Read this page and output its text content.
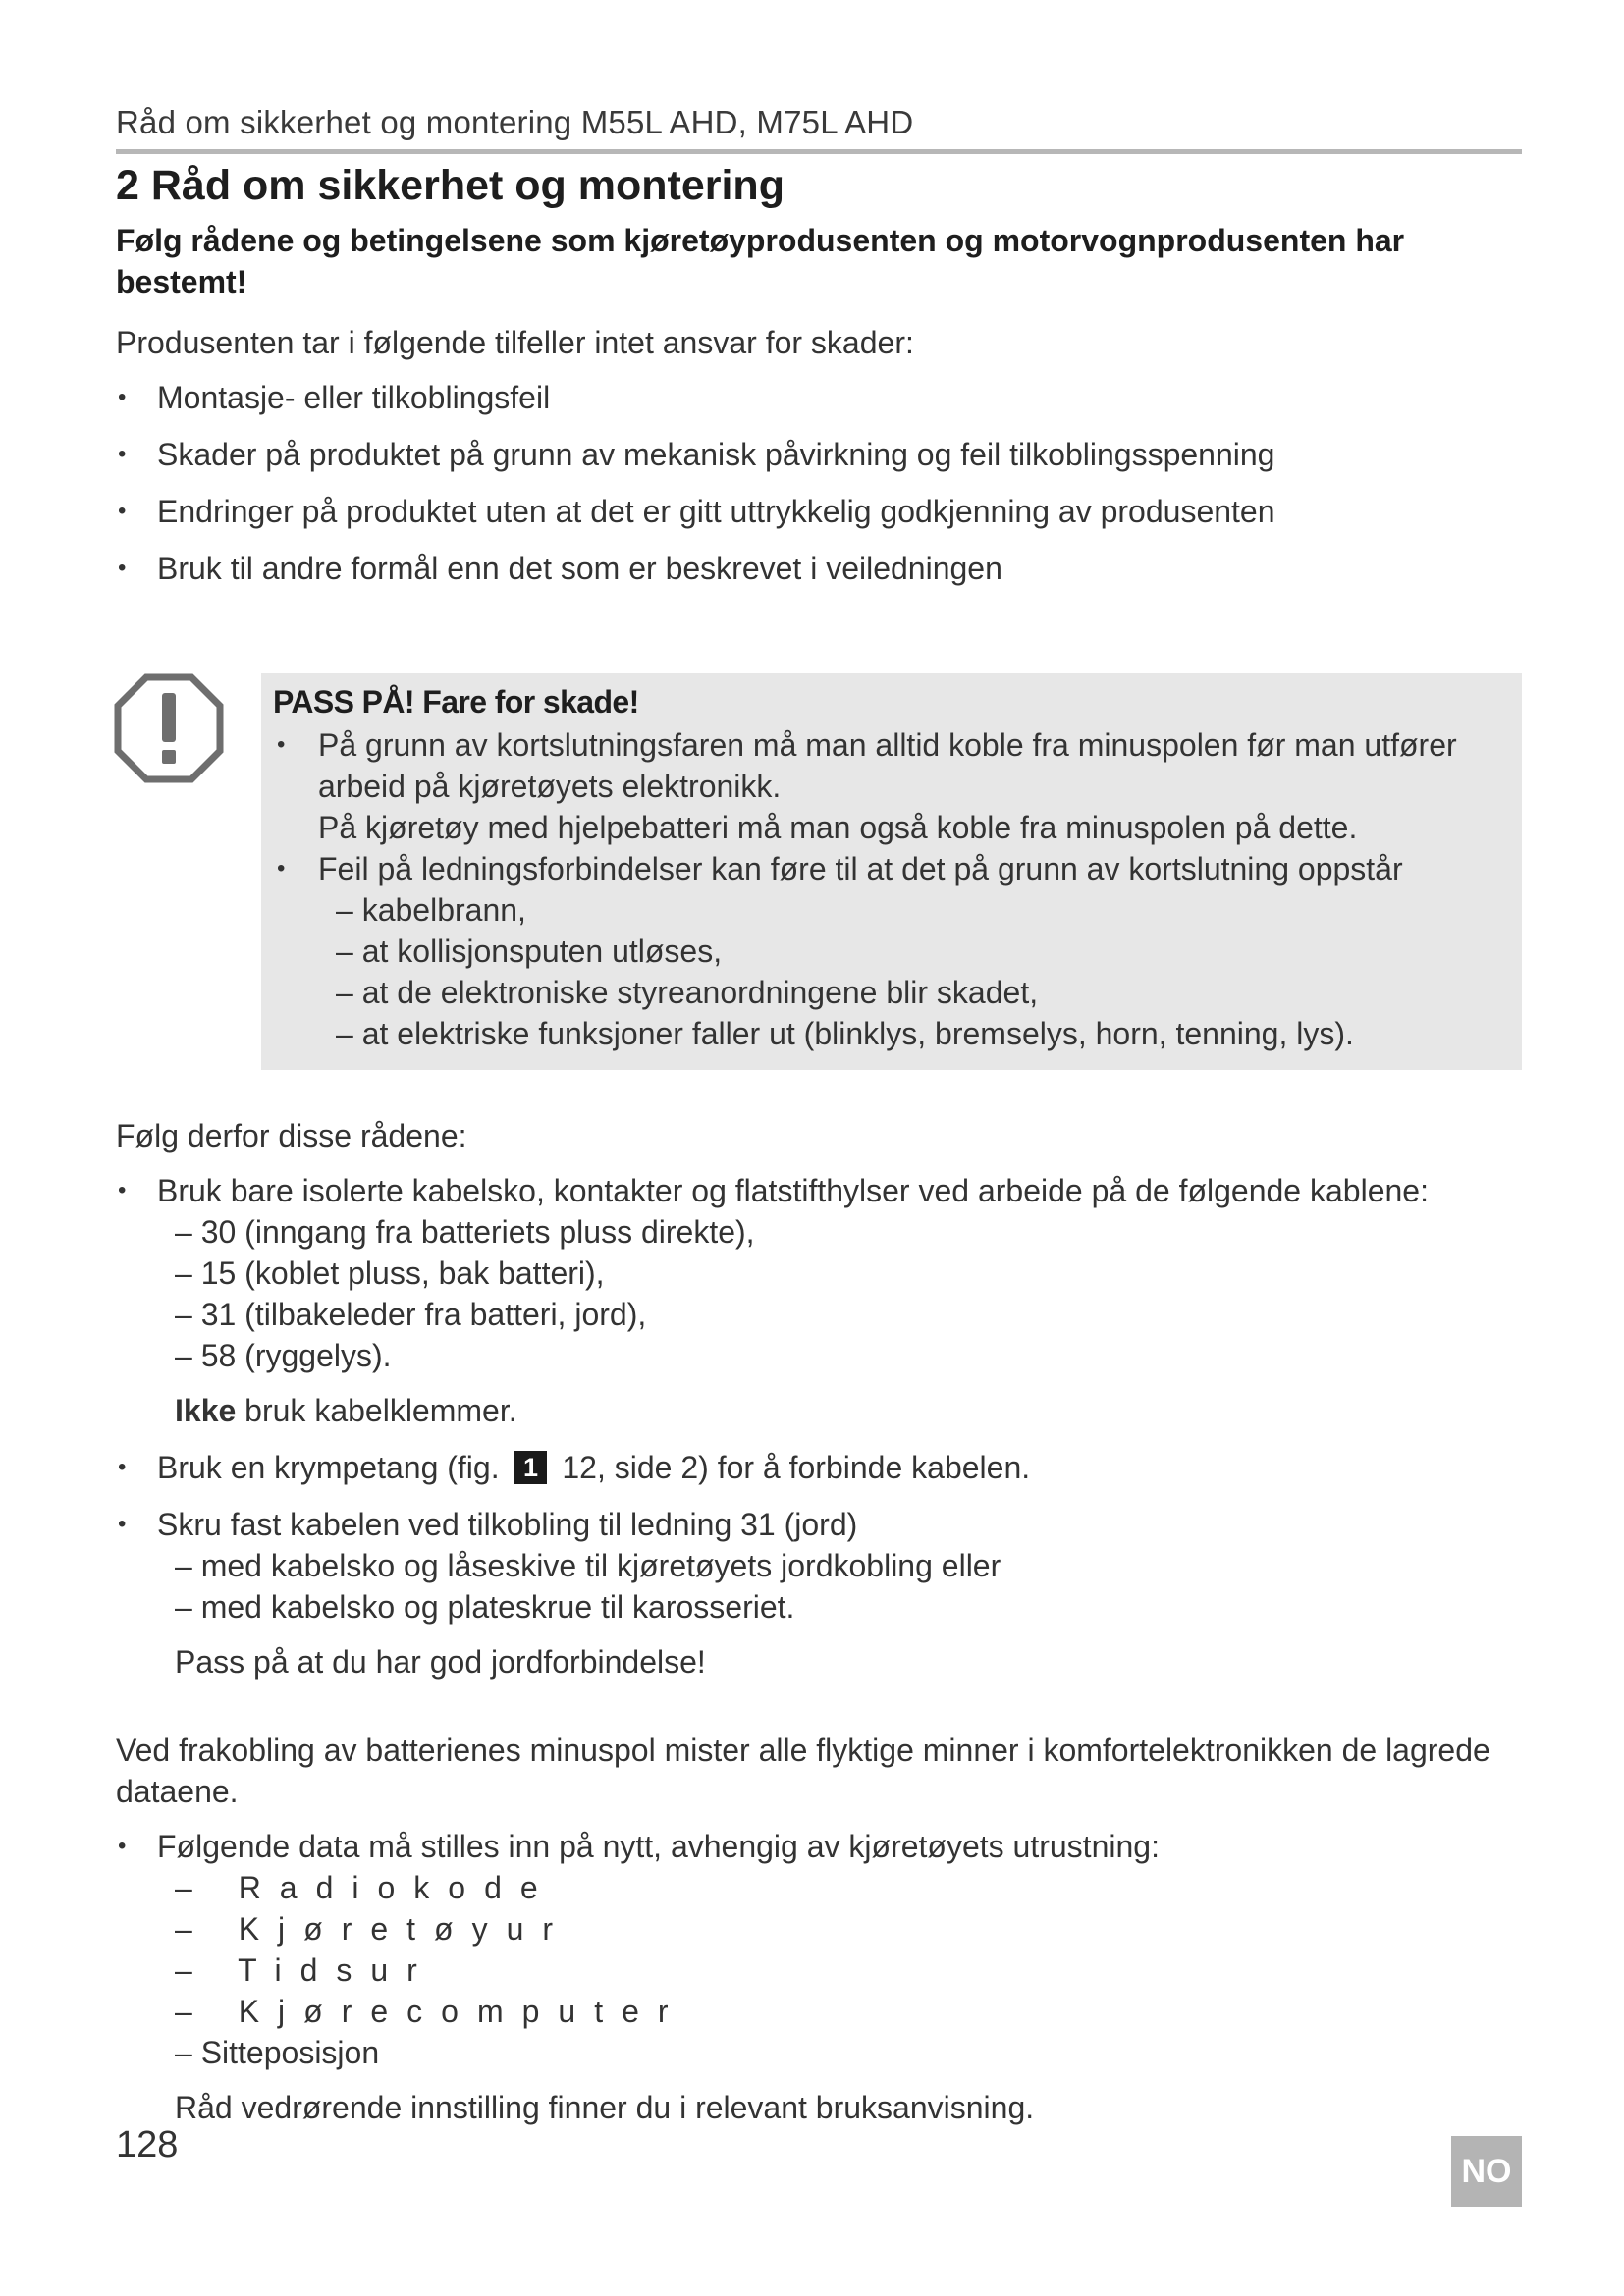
Råd om sikkerhet og montering M55L AHD, M75L AHD
2 Råd om sikkerhet og montering
Følg rådene og betingelsene som kjøretøyprodusenten og motorvognprodusenten har bestemt!

Produsenten tar i følgende tilfeller intet ansvar for skader:

• Montasje- eller tilkoblingsfeil
• Skader på produktet på grunn av mekanisk påvirkning og feil tilkoblingsspenning
• Endringer på produktet uten at det er gitt uttrykkelig godkjenning av produsenten
• Bruk til andre formål enn det som er beskrevet i veiledningen
PASS PÅ! Fare for skade!
• På grunn av kortslutningsfaren må man alltid koble fra minuspolen før man utfører arbeid på kjøretøyets elektronikk.
På kjøretøy med hjelpebatteri må man også koble fra minuspolen på dette.
• Feil på ledningsforbindelser kan føre til at det på grunn av kortslutning oppstår
– kabelbrann,
– at kollisjonsputen utløses,
– at de elektroniske styreanordningene blir skadet,
– at elektriske funksjoner faller ut (blinklys, bremselys, horn, tenning, lys).

Følg derfor disse rådene:

• Bruk bare isolerte kabelsko, kontakter og flatstifthylser ved arbeide på de følgende kablene:
– 30 (inngang fra batteriets pluss direkte),
– 15 (koblet pluss, bak batteri),
– 31 (tilbakeleder fra batteri, jord),
– 58 (ryggelys).
Ikke bruk kabelklemmer.
• Bruk en krympetang (fig. 1 12, side 2) for å forbinde kabelen.
• Skru fast kabelen ved tilkobling til ledning 31 (jord)
– med kabelsko og låseskive til kjøretøyets jordkobling eller
– med kabelsko og plateskrue til karosseriet.
Pass på at du har god jordforbindelse!

Ved frakobling av batterienes minuspol mister alle flyktige minner i komfortelektronikken de lagrede dataene.

• Følgende data må stilles inn på nytt, avhengig av kjøretøyets utrustning:
– Radiokode
– Kjøretøyur
– Tidsur
– Kjørecomputer
– Sitteposisjon
Råd vedrørende innstilling finner du i relevant bruksanvisning.
128
NO
